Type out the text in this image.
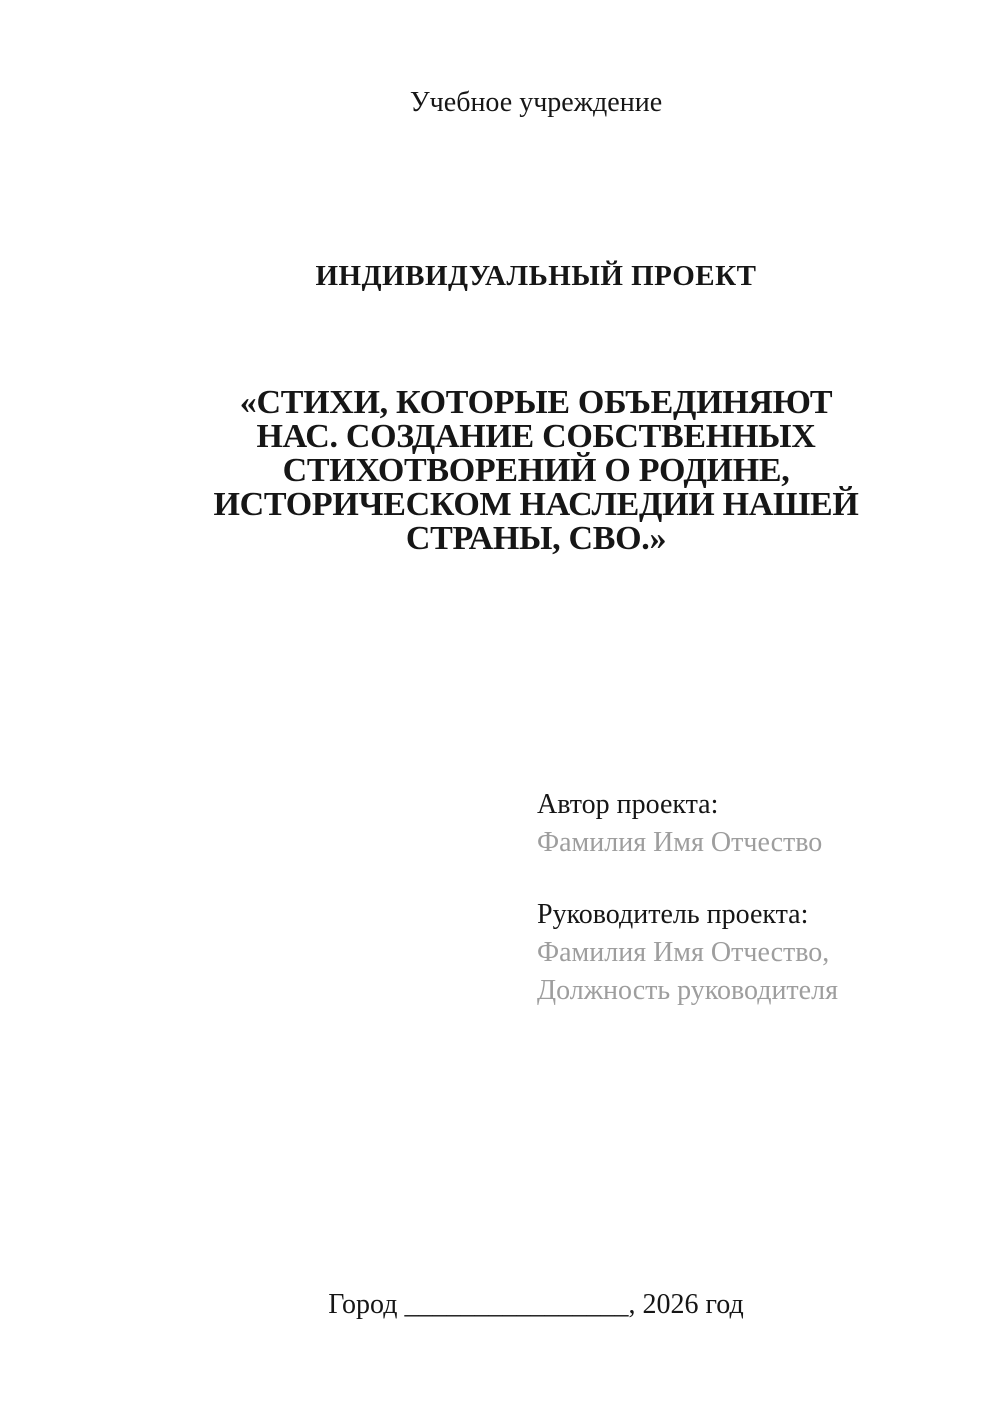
Учебное учреждение
ИНДИВИДУАЛЬНЫЙ ПРОЕКТ
«СТИХИ, КОТОРЫЕ ОБЪЕДИНЯЮТ
НАС. СОЗДАНИЕ СОБСТВЕННЫХ
СТИХОТВОРЕНИЙ О РОДИНЕ,
ИСТОРИЧЕСКОМ НАСЛЕДИИ НАШЕЙ
СТРАНЫ, СВО.»
Автор проекта:
Фамилия Имя Отчество
Руководитель проекта:
Фамилия Имя Отчество,
Должность руководителя
Город ________________, 2026 год
